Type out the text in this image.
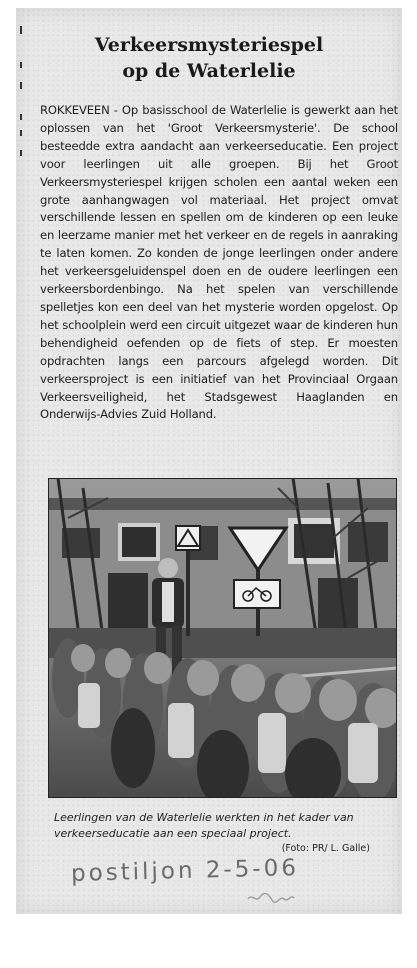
Verkeersmysteriespel
op de Waterlelie

ROKKEVEEN - Op basisschool de Waterlelie is gewerkt aan het oplossen van het 'Groot Verkeersmysterie'. De school besteedde extra aandacht aan verkeerseducatie. Een project voor leerlingen uit alle groepen. Bij het Groot Verkeersmysteriespel krijgen scholen een aantal weken een grote aanhangwagen vol materiaal. Het project omvat verschillende lessen en spellen om de kinderen op een leuke en leerzame manier met het verkeer en de regels in aanraking te laten komen. Zo konden de jonge leerlingen onder andere het verkeersgeluidenspel doen en de oudere leerlingen een verkeersbordenbingo. Na het spelen van verschillende spelletjes kon een deel van het mysterie worden opgelost. Op het schoolplein werd een circuit uitgezet waar de kinderen hun behendigheid oefenden op de fiets of step. Er moesten opdrachten langs een parcours afgelegd worden. Dit verkeersproject is een initiatief van het Provinciaal Orgaan Verkeersveiligheid, het Stadsgewest Haaglanden en Onderwijs-Advies Zuid Holland.

Leerlingen van de Waterlelie werkten in het kader van verkeerseducatie aan een speciaal project.

(Foto: PR/ L. Galle)
postiljon 2-5-06
